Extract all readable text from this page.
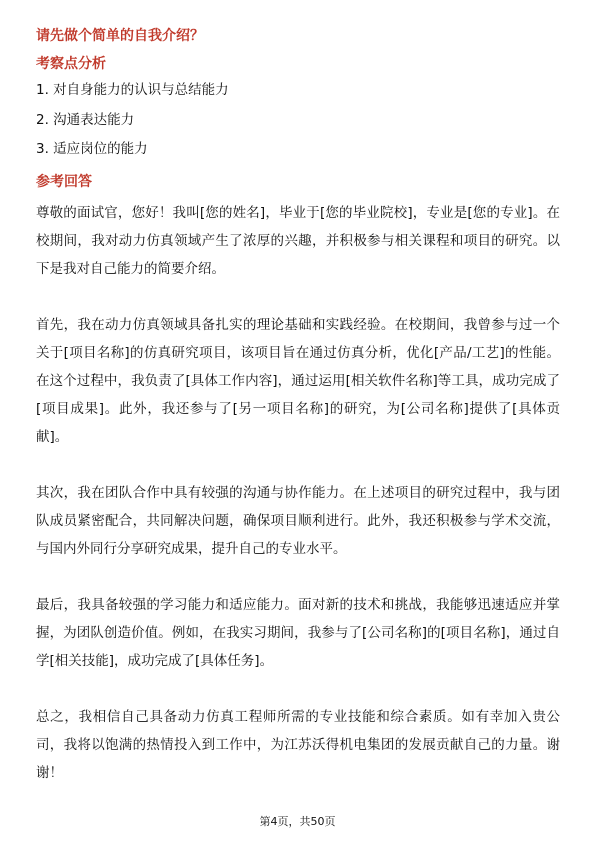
请先做个简单的自我介绍？
考察点分析
1. 对自身能力的认识与总结能力
2. 沟通表达能力
3. 适应岗位的能力
参考回答

尊敬的面试官，您好！我叫[您的姓名]，毕业于[您的毕业院校]，专业是[您的专业]。在校期间，我对动力仿真领域产生了浓厚的兴趣，并积极参与相关课程和项目的研究。以下是我对自己能力的简要介绍。

首先，我在动力仿真领域具备扎实的理论基础和实践经验。在校期间，我曾参与过一个关于[项目名称]的仿真研究项目，该项目旨在通过仿真分析，优化[产品/工艺]的性能。在这个过程中，我负责了[具体工作内容]，通过运用[相关软件名称]等工具，成功完成了[项目成果]。此外，我还参与了[另一项目名称]的研究，为[公司名称]提供了[具体贡献]。

其次，我在团队合作中具有较强的沟通与协作能力。在上述项目的研究过程中，我与团队成员紧密配合，共同解决问题，确保项目顺利进行。此外，我还积极参与学术交流，与国内外同行分享研究成果，提升自己的专业水平。

最后，我具备较强的学习能力和适应能力。面对新的技术和挑战，我能够迅速适应并掌握，为团队创造价值。例如，在我实习期间，我参与了[公司名称]的[项目名称]，通过自学[相关技能]，成功完成了[具体任务]。

总之，我相信自己具备动力仿真工程师所需的专业技能和综合素质。如有幸加入贵公司，我将以饱满的热情投入到工作中，为江苏沃得机电集团的发展贡献自己的力量。谢谢！

第4页，共50页
